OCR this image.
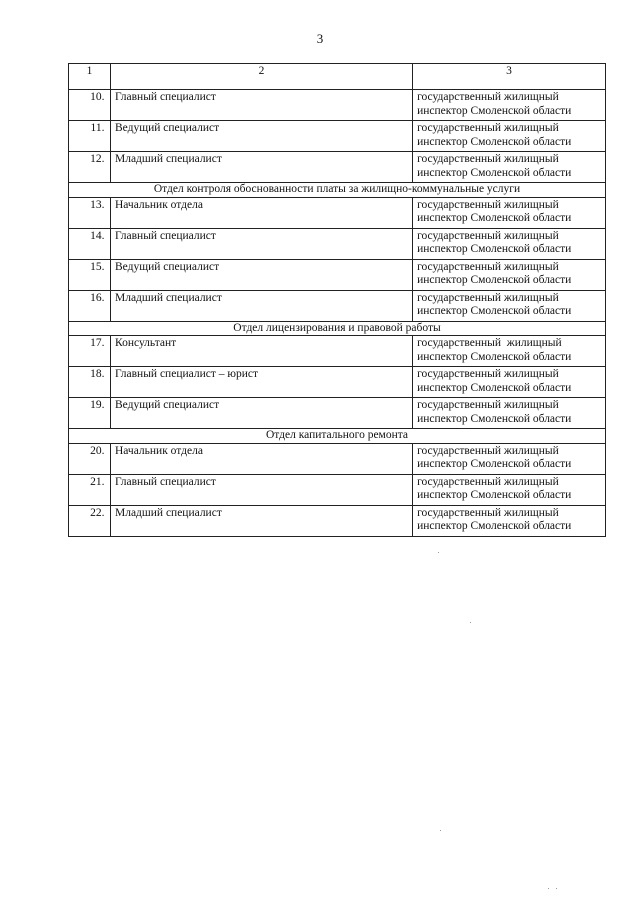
3
1	2	3
10.	Главный специалист	государственный жилищный
инспектор Смоленской области

11.	Ведущий специалист	государственный жилищный
инспектор Смоленской области

12.	Младший специалист	государственный жилищный
инспектор Смоленской области

Отдел контроля обоснованности платы за жилищно-коммунальные услуги		
13.	Начальник отдела	государственный жилищный
инспектор Смоленской области

14.	Главный специалист	государственный жилищный
инспектор Смоленской области

15.	Ведущий специалист	государственный жилищный
инспектор Смоленской области

16.	Младший специалист	государственный жилищный
инспектор Смоленской области

Отдел лицензирования и правовой работы		
17.	Консультант	государственный  жилищный
инспектор Смоленской области

18.	Главный специалист – юрист	государственный жилищный
инспектор Смоленской области

19.	Ведущий специалист	государственный жилищный
инспектор Смоленской области

Отдел капитального ремонта		
20.	Начальник отдела	государственный жилищный
инспектор Смоленской области

21.	Главный специалист	государственный жилищный
инспектор Смоленской области

22.	Младший специалист	государственный жилищный
инспектор Смоленской области
